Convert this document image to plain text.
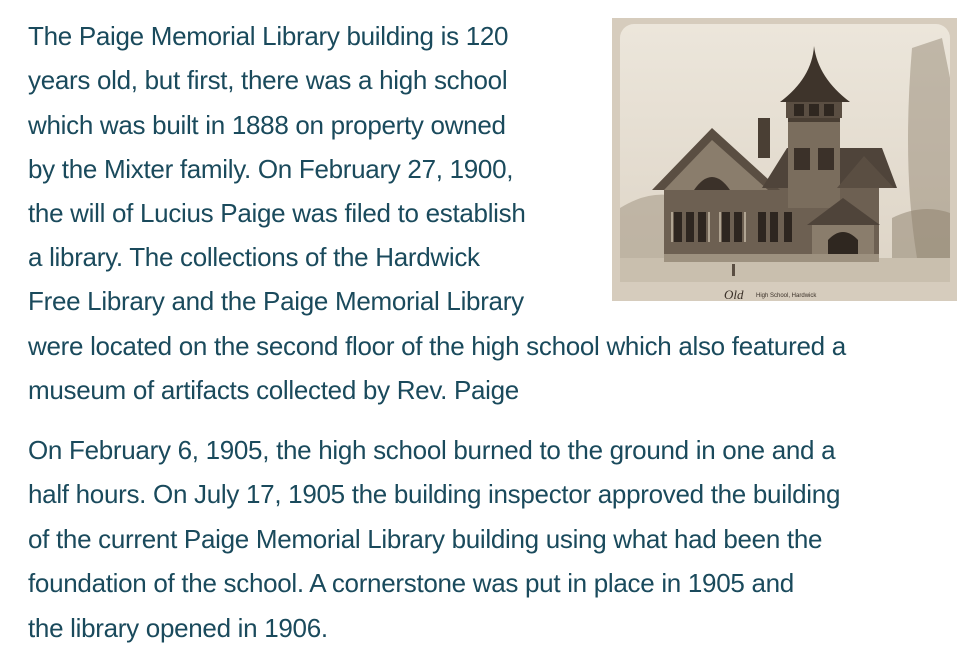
The Paige Memorial Library building is 120
years old, but first, there was a high school
which was built in 1888 on property owned
by the Mixter family. On February 27, 1900,
the will of Lucius Paige was filed to establish
a library. The collections of the Hardwick
Free Library and the Paige Memorial Library
were located on the second floor of the high school which also featured a
museum of artifacts collected by Rev. Paige
On February 6, 1905, the high school burned to the ground in one and a
half hours. On July 17, 1905 the building inspector approved the building
of the current Paige Memorial Library building using what had been the
foundation of the school. A cornerstone was put in place in 1905 and
the library opened in 1906.
Old High School, Hardwick
